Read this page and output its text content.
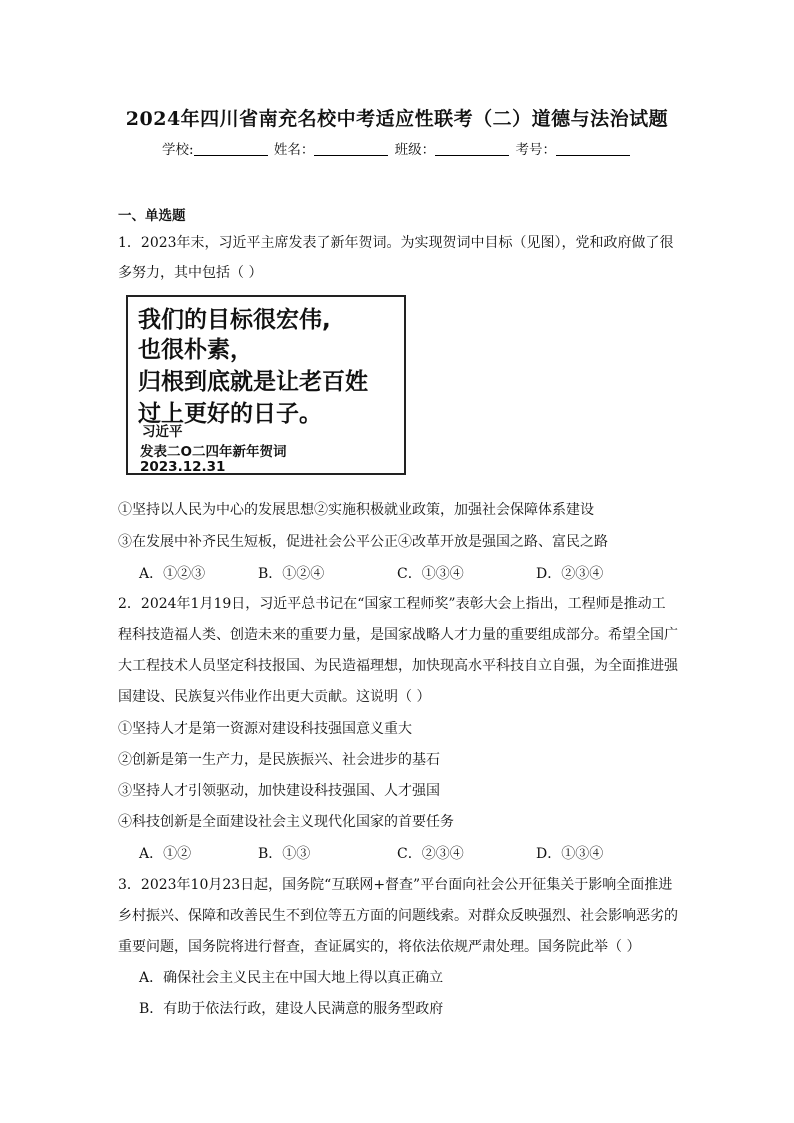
2024年四川省南充名校中考适应性联考（二）道德与法治试题
学校:	姓名：	班级：	考号：
一、单选题
1．2023年末，习近平主席发表了新年贺词。为实现贺词中目标（见图），党和政府做了很
多努力，其中包括（ ）
我们的目标很宏伟,
也很朴素，
归根到底就是让老百姓
过上更好的日子。
习近平
发表二O二四年新年贺词
2023.12.31
①坚持以人民为中心的发展思想②实施积极就业政策，加强社会保障体系建设
③在发展中补齐民生短板，促进社会公平公正④改革开放是强国之路、富民之路
A．①②③	B．①②④	C．①③④	D．②③④
2．2024年1月19日，习近平总书记在“国家工程师奖”表彰大会上指出，工程师是推动工
程科技造福人类、创造未来的重要力量，是国家战略人才力量的重要组成部分。希望全国广
大工程技术人员坚定科技报国、为民造福理想，加快现高水平科技自立自强，为全面推进强
国建设、民族复兴伟业作出更大贡献。这说明（ ）
①坚持人才是第一资源对建设科技强国意义重大
②创新是第一生产力，是民族振兴、社会进步的基石
③坚持人才引领驱动，加快建设科技强国、人才强国
④科技创新是全面建设社会主义现代化国家的首要任务
A．①②	B．①③	C．②③④	D．①③④
3．2023年10月23日起，国务院“互联网+督查”平台面向社会公开征集关于影响全面推进
乡村振兴、保障和改善民生不到位等五方面的问题线索。对群众反映强烈、社会影响恶劣的
重要问题，国务院将进行督查，查证属实的，将依法依规严肃处理。国务院此举（ ）
A．确保社会主义民主在中国大地上得以真正确立
B．有助于依法行政，建设人民满意的服务型政府
